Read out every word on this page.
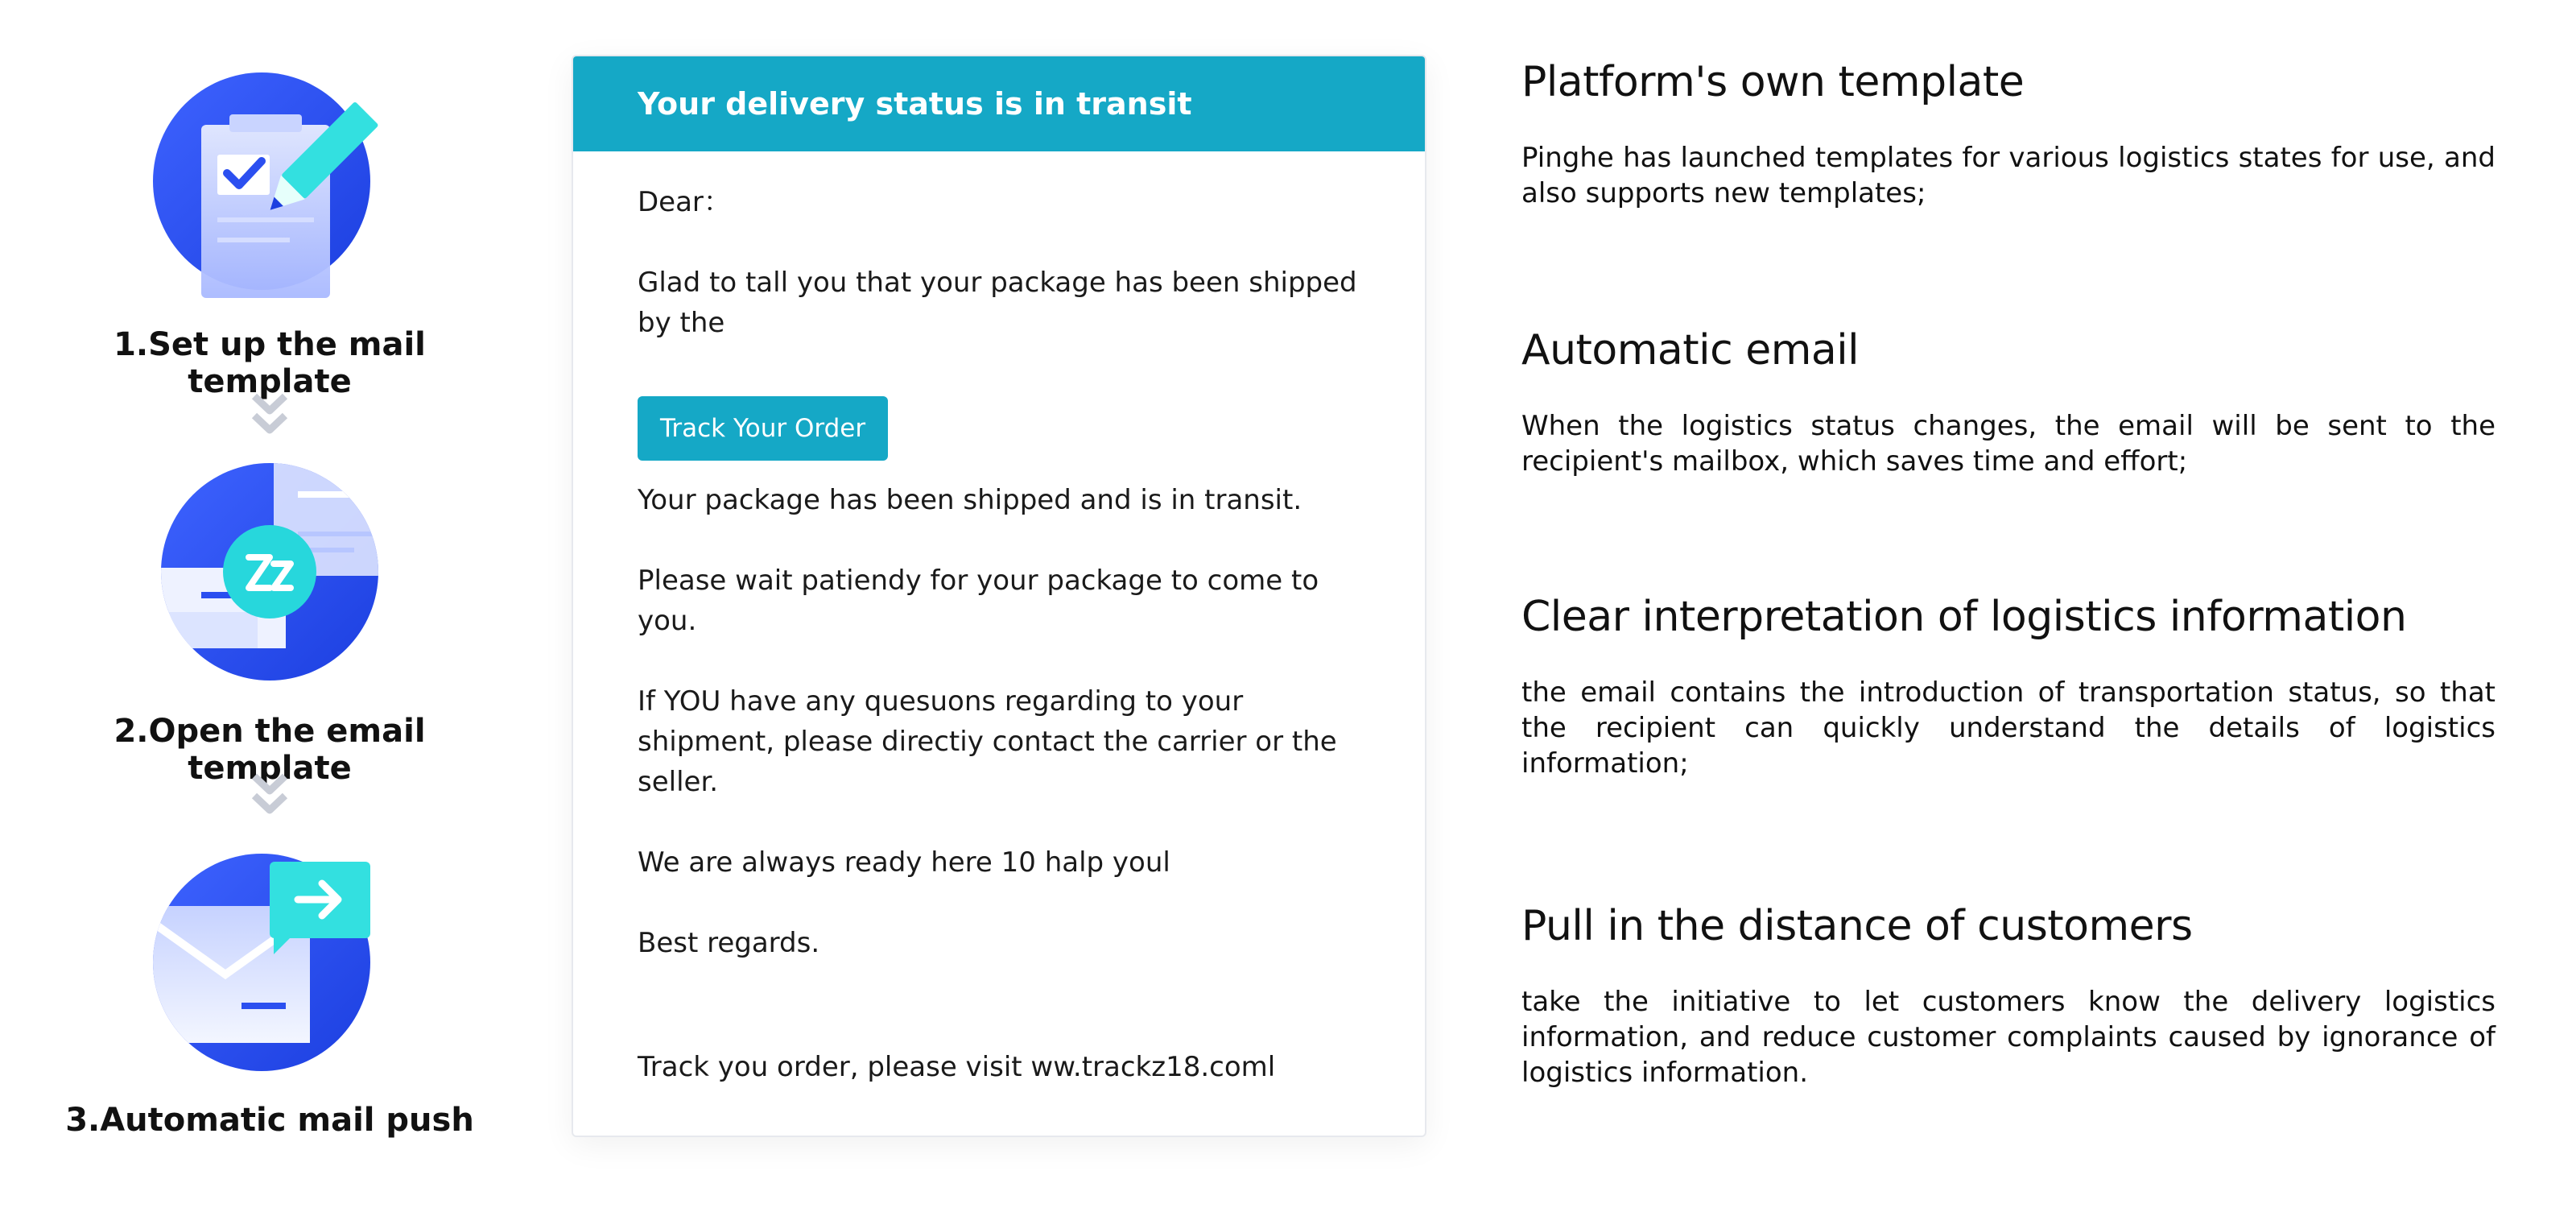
1.Set up the mail template
2.Open the email template
3.Automatic mail push
Your delivery status is in transit

Dear：

Glad to tall you that your package has been shipped by the

Track Your Order

Your package has been shipped and is in transit.

Please wait patiendy for your package to come to you.

If YOU have any quesuons regarding to your shipment, please directiy contact the carrier or the seller.

We are always ready here 10 halp youl

Best regards.

Track you order, please visit ww.trackz18.coml

Platform's own template

Pinghe has launched templates for various logistics states for use, and also supports new templates;

Automatic email

When the logistics status changes, the email will be sent to the recipient's mailbox, which saves time and effort;

Clear interpretation of logistics information

the email contains the introduction of transportation status, so that the recipient can quickly understand the details of logistics information;

Pull in the distance of customers

take the initiative to let customers know the delivery logistics information, and reduce customer complaints caused by ignorance of logistics information.
